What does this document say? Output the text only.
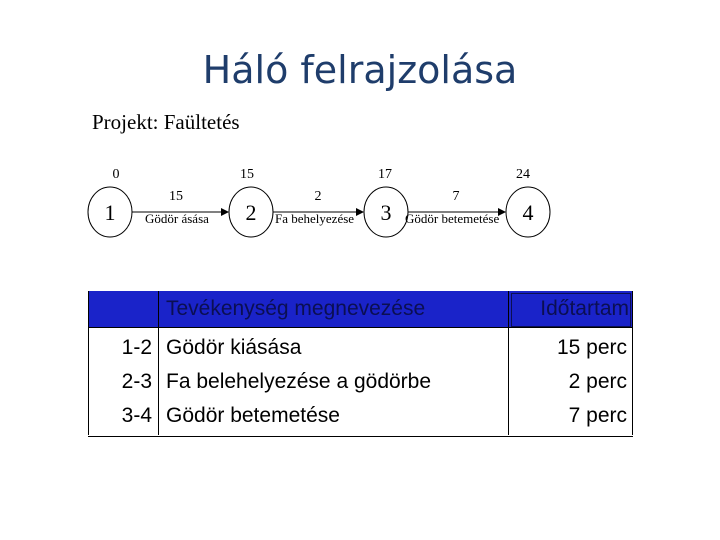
Háló felrajzolása
Projekt: Faültetés
0	15	17	24
1	2	3	4
15	2	7
Gödör ásása	Fa behelyezése	Gödör betemetése
Tevékenység megnevezése	Időtartam
1-2 Gödör kiásása	15 perc
2-3 Fa belehelyezése a gödörbe	2 perc
3-4 Gödör betemetése	7 perc
